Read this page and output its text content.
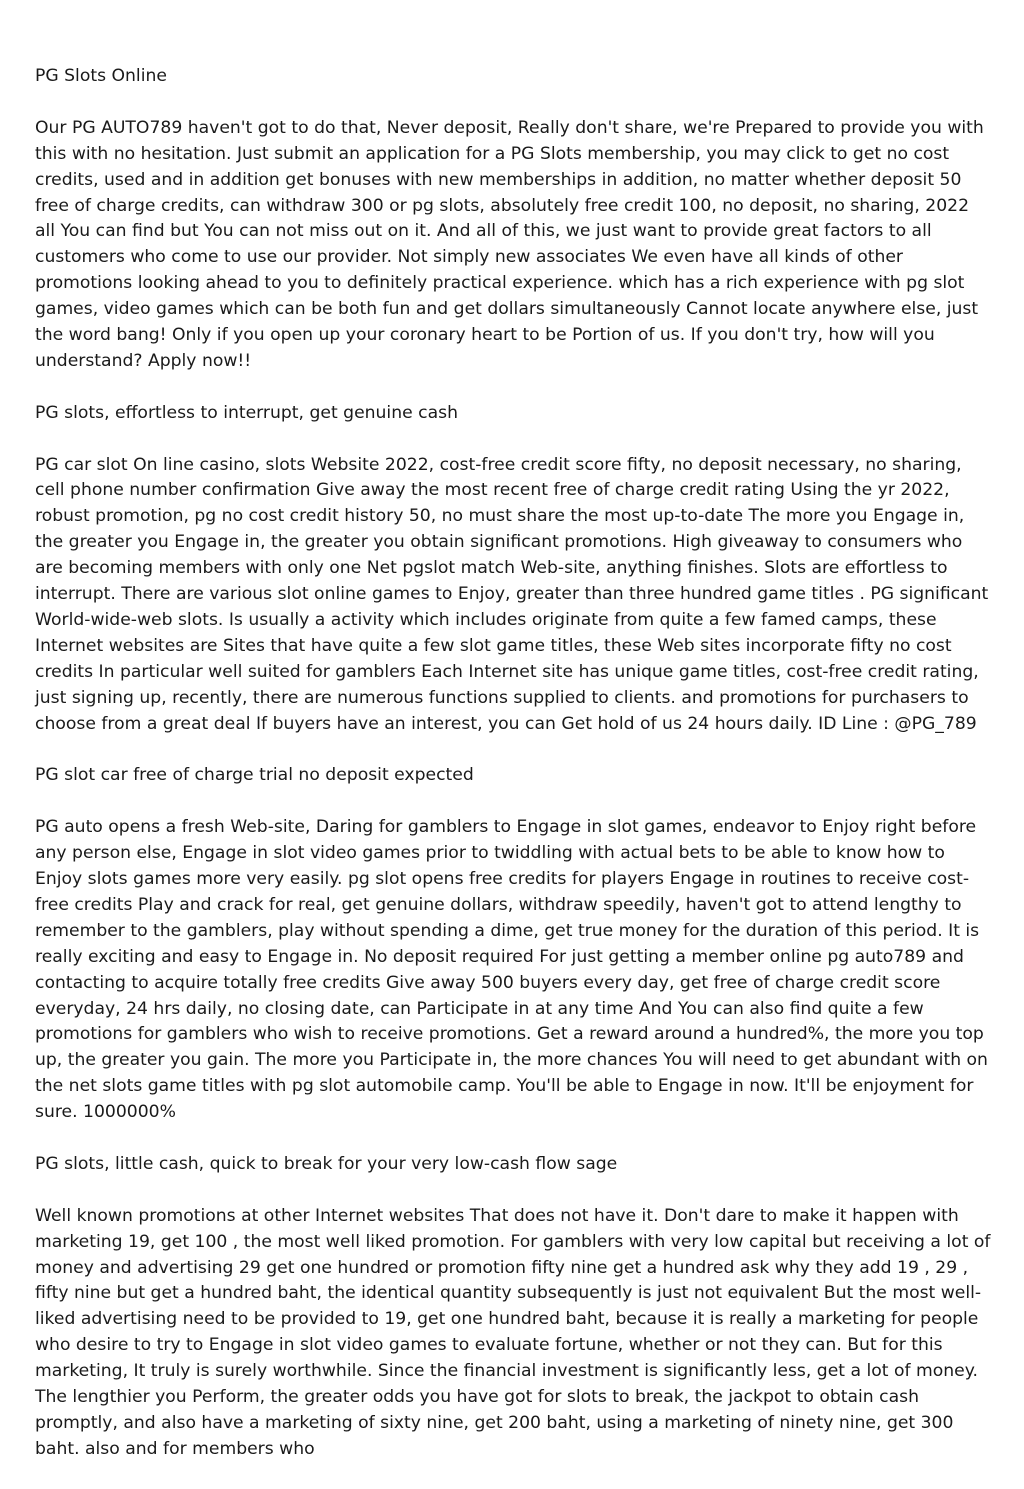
PG Slots Online

Our PG AUTO789 haven't got to do that, Never deposit, Really don't share, we're Prepared to provide you with this with no hesitation. Just submit an application for a PG Slots membership, you may click to get no cost credits, used and in addition get bonuses with new memberships in addition, no matter whether deposit 50 free of charge credits, can withdraw 300 or pg slots, absolutely free credit 100, no deposit, no sharing, 2022 all You can find but You can not miss out on it. And all of this, we just want to provide great factors to all customers who come to use our provider. Not simply new associates We even have all kinds of other promotions looking ahead to you to definitely practical experience. which has a rich experience with pg slot games, video games which can be both fun and get dollars simultaneously Cannot locate anywhere else, just the word bang! Only if you open up your coronary heart to be Portion of us. If you don't try, how will you understand? Apply now!!

PG slots, effortless to interrupt, get genuine cash

PG car slot On line casino, slots Website 2022, cost-free credit score fifty, no deposit necessary, no sharing, cell phone number confirmation Give away the most recent free of charge credit rating Using the yr 2022, robust promotion, pg no cost credit history 50, no must share the most up-to-date The more you Engage in, the greater you Engage in, the greater you obtain significant promotions. High giveaway to consumers who are becoming members with only one Net pgslot match Web-site, anything finishes. Slots are effortless to interrupt. There are various slot online games to Enjoy, greater than three hundred game titles . PG significant World-wide-web slots. Is usually a activity which includes originate from quite a few famed camps, these Internet websites are Sites that have quite a few slot game titles, these Web sites incorporate fifty no cost credits In particular well suited for gamblers Each Internet site has unique game titles, cost-free credit rating, just signing up, recently, there are numerous functions supplied to clients. and promotions for purchasers to choose from a great deal If buyers have an interest, you can Get hold of us 24 hours daily. ID Line : @PG_789

PG slot car free of charge trial no deposit expected

PG auto opens a fresh Web-site, Daring for gamblers to Engage in slot games, endeavor to Enjoy right before any person else, Engage in slot video games prior to twiddling with actual bets to be able to know how to Enjoy slots games more very easily. pg slot opens free credits for players Engage in routines to receive cost-free credits Play and crack for real, get genuine dollars, withdraw speedily, haven't got to attend lengthy to remember to the gamblers, play without spending a dime, get true money for the duration of this period. It is really exciting and easy to Engage in. No deposit required For just getting a member online pg auto789 and contacting to acquire totally free credits Give away 500 buyers every day, get free of charge credit score everyday, 24 hrs daily, no closing date, can Participate in at any time And You can also find quite a few promotions for gamblers who wish to receive promotions. Get a reward around a hundred%, the more you top up, the greater you gain. The more you Participate in, the more chances You will need to get abundant with on the net slots game titles with pg slot automobile camp. You'll be able to Engage in now. It'll be enjoyment for sure. 1000000%

PG slots, little cash, quick to break for your very low-cash flow sage

Well known promotions at other Internet websites That does not have it. Don't dare to make it happen with marketing 19, get 100 , the most well liked promotion. For gamblers with very low capital but receiving a lot of money and advertising 29 get one hundred or promotion fifty nine get a hundred ask why they add 19 , 29 , fifty nine but get a hundred baht, the identical quantity subsequently is just not equivalent But the most well-liked advertising need to be provided to 19, get one hundred baht, because it is really a marketing for people who desire to try to Engage in slot video games to evaluate fortune, whether or not they can. But for this marketing, It truly is surely worthwhile. Since the financial investment is significantly less, get a lot of money. The lengthier you Perform, the greater odds you have got for slots to break, the jackpot to obtain cash promptly, and also have a marketing of sixty nine, get 200 baht, using a marketing of ninety nine, get 300 baht. also and for members who
